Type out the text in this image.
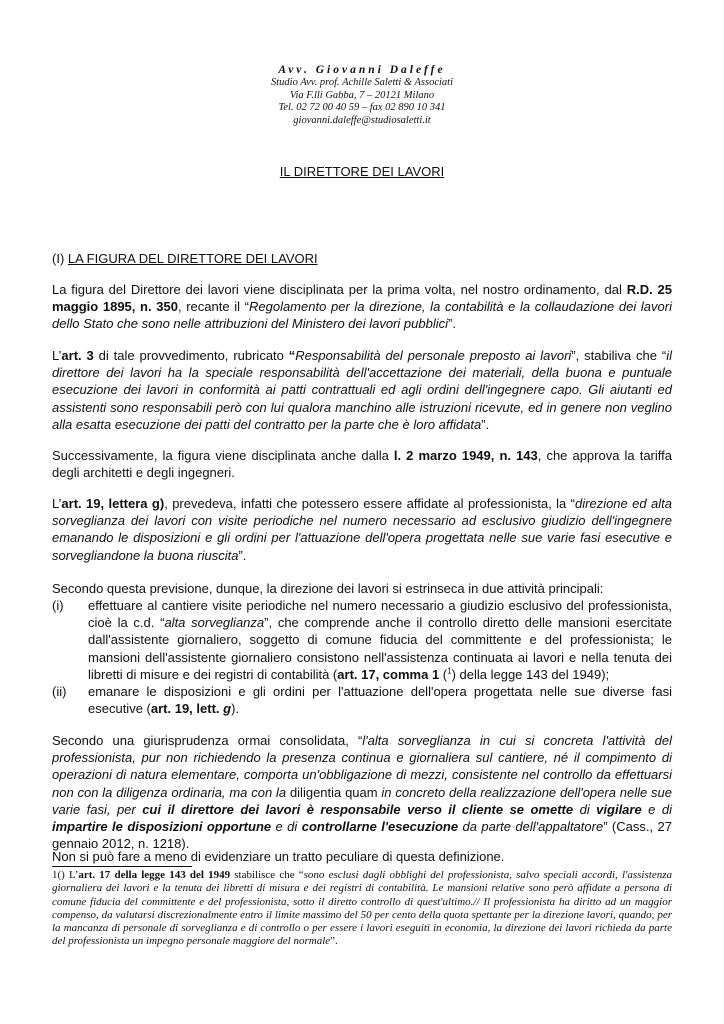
Avv. Giovanni Daleffe
Studio Avv. prof. Achille Saletti & Associati
Via F.lli Gabba, 7 – 20121 Milano
Tel. 02 72 00 40 59 – fax 02 890 10 341
giovanni.daleffe@studiosaletti.it
IL DIRETTORE DEI LAVORI
(I) LA FIGURA DEL DIRETTORE DEI LAVORI

La figura del Direttore dei lavori viene disciplinata per la prima volta, nel nostro ordinamento, dal R.D. 25 maggio 1895, n. 350, recante il “Regolamento per la direzione, la contabilità e la collaudazione dei lavori dello Stato che sono nelle attribuzioni del Ministero dei lavori pubblici”.

L’art. 3 di tale provvedimento, rubricato “Responsabilità del personale preposto ai lavori”, stabiliva che “il direttore dei lavori ha la speciale responsabilità dell'accettazione dei materiali, della buona e puntuale esecuzione dei lavori in conformità ai patti contrattuali ed agli ordini dell'ingegnere capo. Gli aiutanti ed assistenti sono responsabili però con lui qualora manchino alle istruzioni ricevute, ed in genere non veglino alla esatta esecuzione dei patti del contratto per la parte che è loro affidata”.

Successivamente, la figura viene disciplinata anche dalla l. 2 marzo 1949, n. 143, che approva la tariffa degli architetti e degli ingegneri.

L’art. 19, lettera g), prevedeva, infatti che potessero essere affidate al professionista, la “direzione ed alta sorveglianza dei lavori con visite periodiche nel numero necessario ad esclusivo giudizio dell'ingegnere emanando le disposizioni e gli ordini per l'attuazione dell'opera progettata nelle sue varie fasi esecutive e sorvegliandone la buona riuscita”.

Secondo questa previsione, dunque, la direzione dei lavori si estrinseca in due attività principali:

(i) effettuare al cantiere visite periodiche nel numero necessario a giudizio esclusivo del professionista, cioè la c.d. “alta sorveglianza”, che comprende anche il controllo diretto delle mansioni esercitate dall'assistente giornaliero, soggetto di comune fiducia del committente e del professionista; le mansioni dell'assistente giornaliero consistono nell'assistenza continuata ai lavori e nella tenuta dei libretti di misure e dei registri di contabilità (art. 17, comma 1 ($^1$) della legge 143 del 1949);
(ii) emanare le disposizioni e gli ordini per l'attuazione dell'opera progettata nelle sue diverse fasi esecutive (art. 19, lett. g).

Secondo una giurisprudenza ormai consolidata, “l'alta sorveglianza in cui si concreta l'attività del professionista, pur non richiedendo la presenza continua e giornaliera sul cantiere, né il compimento di operazioni di natura elementare, comporta un'obbligazione di mezzi, consistente nel controllo da effettuarsi non con la diligenza ordinaria, ma con la diligentia quam in concreto della realizzazione dell'opera nelle sue varie fasi, per cui il direttore dei lavori è responsabile verso il cliente se omette di vigilare e di impartire le disposizioni opportune e di controllarne l'esecuzione da parte dell'appaltatore” (Cass., 27 gennaio 2012, n. 1218).

Non si può fare a meno di evidenziare un tratto peculiare di questa definizione.

1() L’art. 17 della legge 143 del 1949 stabilisce che “sono esclusi dagli obblighi del professionista, salvo speciali accordi, l'assistenza giornaliera dei lavori e la tenuta dei libretti di misura e dei registri di contabilità. Le mansioni relative sono però affidate a persona di comune fiducia del committente e del professionista, sotto il diretto controllo di quest'ultimo.// Il professionista ha diritto ad un maggior compenso, da valutarsi discrezionalmente entro il limite massimo del 50 per cento della quota spettante per la direzione lavori, quando, per la mancanza di personale di sorveglianza e di controllo o per essere i lavori eseguiti in economia, la direzione dei lavori richieda da parte del professionista un impegno personale maggiore del normale”.
